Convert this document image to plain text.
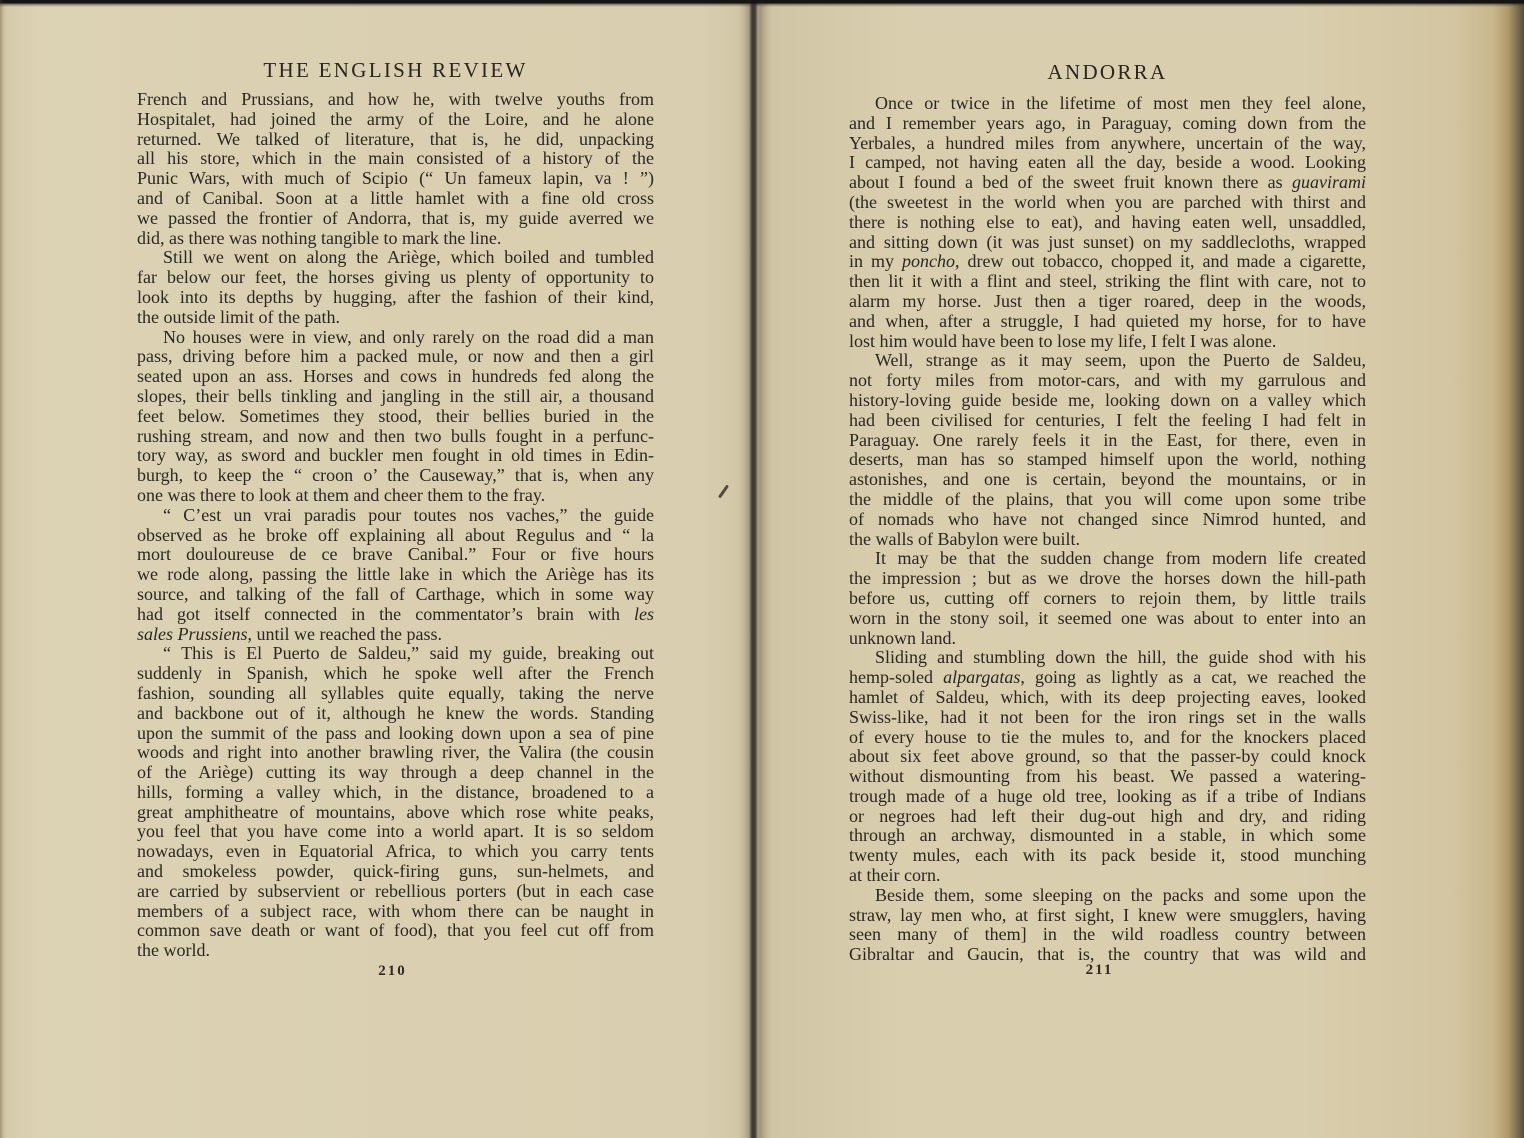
THE ENGLISH REVIEW
French and Prussians, and how he, with twelve youths from
Hospitalet, had joined the army of the Loire, and he alone
returned. We talked of literature, that is, he did, unpacking
all his store, which in the main consisted of a history of the
Punic Wars, with much of Scipio (“ Un fameux lapin, va ! ”)
and of Canibal. Soon at a little hamlet with a fine old cross
we passed the frontier of Andorra, that is, my guide averred we
did, as there was nothing tangible to mark the line.
Still we went on along the Ariège, which boiled and tumbled
far below our feet, the horses giving us plenty of opportunity to
look into its depths by hugging, after the fashion of their kind,
the outside limit of the path.
No houses were in view, and only rarely on the road did a man
pass, driving before him a packed mule, or now and then a girl
seated upon an ass. Horses and cows in hundreds fed along the
slopes, their bells tinkling and jangling in the still air, a thousand
feet below. Sometimes they stood, their bellies buried in the
rushing stream, and now and then two bulls fought in a perfunc-
tory way, as sword and buckler men fought in old times in Edin-
burgh, to keep the “ croon o’ the Causeway,” that is, when any
one was there to look at them and cheer them to the fray.
“ C’est un vrai paradis pour toutes nos vaches,” the guide
observed as he broke off explaining all about Regulus and “ la
mort douloureuse de ce brave Canibal.” Four or five hours
we rode along, passing the little lake in which the Ariège has its
source, and talking of the fall of Carthage, which in some way
had got itself connected in the commentator’s brain with les
sales Prussiens, until we reached the pass.
“ This is El Puerto de Saldeu,” said my guide, breaking out
suddenly in Spanish, which he spoke well after the French
fashion, sounding all syllables quite equally, taking the nerve
and backbone out of it, although he knew the words. Standing
upon the summit of the pass and looking down upon a sea of pine
woods and right into another brawling river, the Valira (the cousin
of the Ariège) cutting its way through a deep channel in the
hills, forming a valley which, in the distance, broadened to a
great amphitheatre of mountains, above which rose white peaks,
you feel that you have come into a world apart. It is so seldom
nowadays, even in Equatorial Africa, to which you carry tents
and smokeless powder, quick-firing guns, sun-helmets, and
are carried by subservient or rebellious porters (but in each case
members of a subject race, with whom there can be naught in
common save death or want of food), that you feel cut off from
the world.
210
ANDORRA
Once or twice in the lifetime of most men they feel alone,
and I remember years ago, in Paraguay, coming down from the
Yerbales, a hundred miles from anywhere, uncertain of the way,
I camped, not having eaten all the day, beside a wood. Looking
about I found a bed of the sweet fruit known there as guavirami
(the sweetest in the world when you are parched with thirst and
there is nothing else to eat), and having eaten well, unsaddled,
and sitting down (it was just sunset) on my saddlecloths, wrapped
in my poncho, drew out tobacco, chopped it, and made a cigarette,
then lit it with a flint and steel, striking the flint with care, not to
alarm my horse. Just then a tiger roared, deep in the woods,
and when, after a struggle, I had quieted my horse, for to have
lost him would have been to lose my life, I felt I was alone.
Well, strange as it may seem, upon the Puerto de Saldeu,
not forty miles from motor-cars, and with my garrulous and
history-loving guide beside me, looking down on a valley which
had been civilised for centuries, I felt the feeling I had felt in
Paraguay. One rarely feels it in the East, for there, even in
deserts, man has so stamped himself upon the world, nothing
astonishes, and one is certain, beyond the mountains, or in
the middle of the plains, that you will come upon some tribe
of nomads who have not changed since Nimrod hunted, and
the walls of Babylon were built.
It may be that the sudden change from modern life created
the impression ; but as we drove the horses down the hill-path
before us, cutting off corners to rejoin them, by little trails
worn in the stony soil, it seemed one was about to enter into an
unknown land.
Sliding and stumbling down the hill, the guide shod with his
hemp-soled alpargatas, going as lightly as a cat, we reached the
hamlet of Saldeu, which, with its deep projecting eaves, looked
Swiss-like, had it not been for the iron rings set in the walls
of every house to tie the mules to, and for the knockers placed
about six feet above ground, so that the passer-by could knock
without dismounting from his beast. We passed a watering-
trough made of a huge old tree, looking as if a tribe of Indians
or negroes had left their dug-out high and dry, and riding
through an archway, dismounted in a stable, in which some
twenty mules, each with its pack beside it, stood munching
at their corn.
Beside them, some sleeping on the packs and some upon the
straw, lay men who, at first sight, I knew were smugglers, having
seen many of them] in the wild roadless country between
Gibraltar and Gaucin, that is, the country that was wild and
211
